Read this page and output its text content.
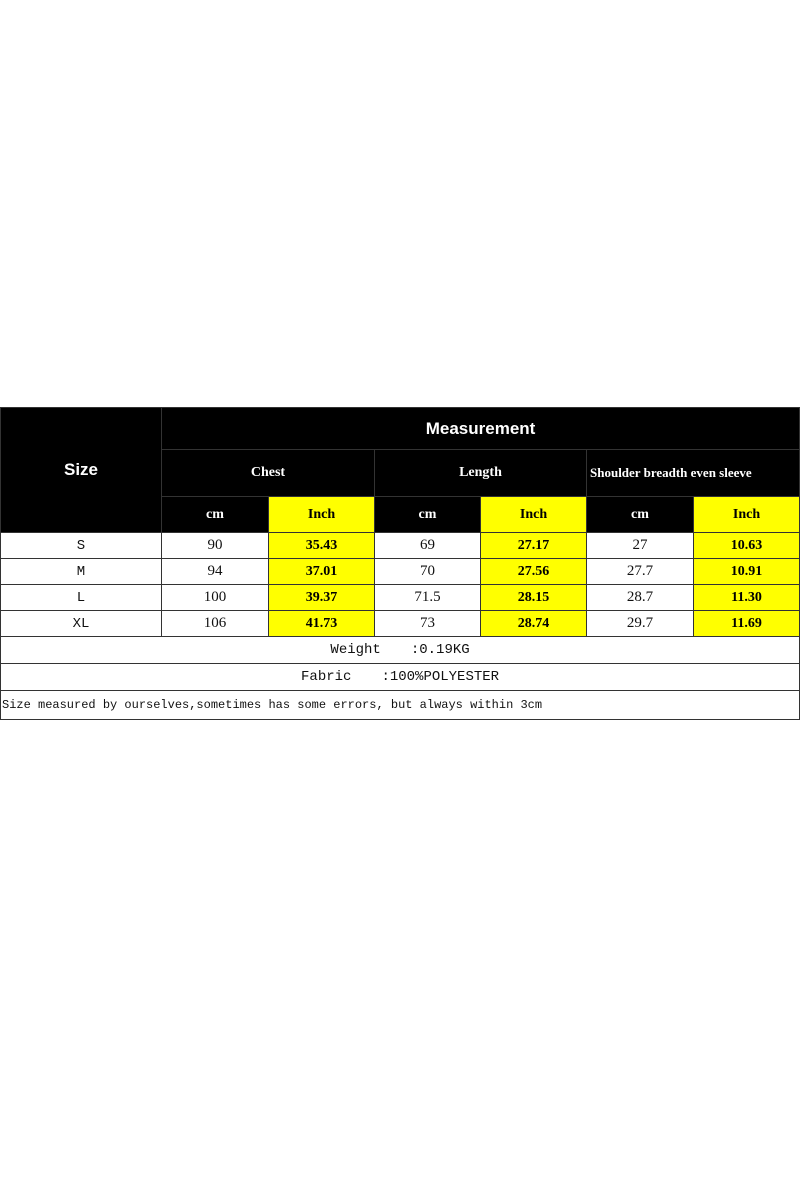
Size	Measurement					
	Chest		Length		Shoulder breadth even sleeve	
	cm	Inch	cm	Inch	cm	Inch
S	90	35.43	69	27.17	27	10.63
M	94	37.01	70	27.56	27.7	10.91
L	100	39.37	71.5	28.15	28.7	11.30
XL	106	41.73	73	28.74	29.7	11.69
Weight :0.19KG						
Fabric :100%POLYESTER						
Size measured by ourselves,sometimes has some errors, but always within 3cm						
